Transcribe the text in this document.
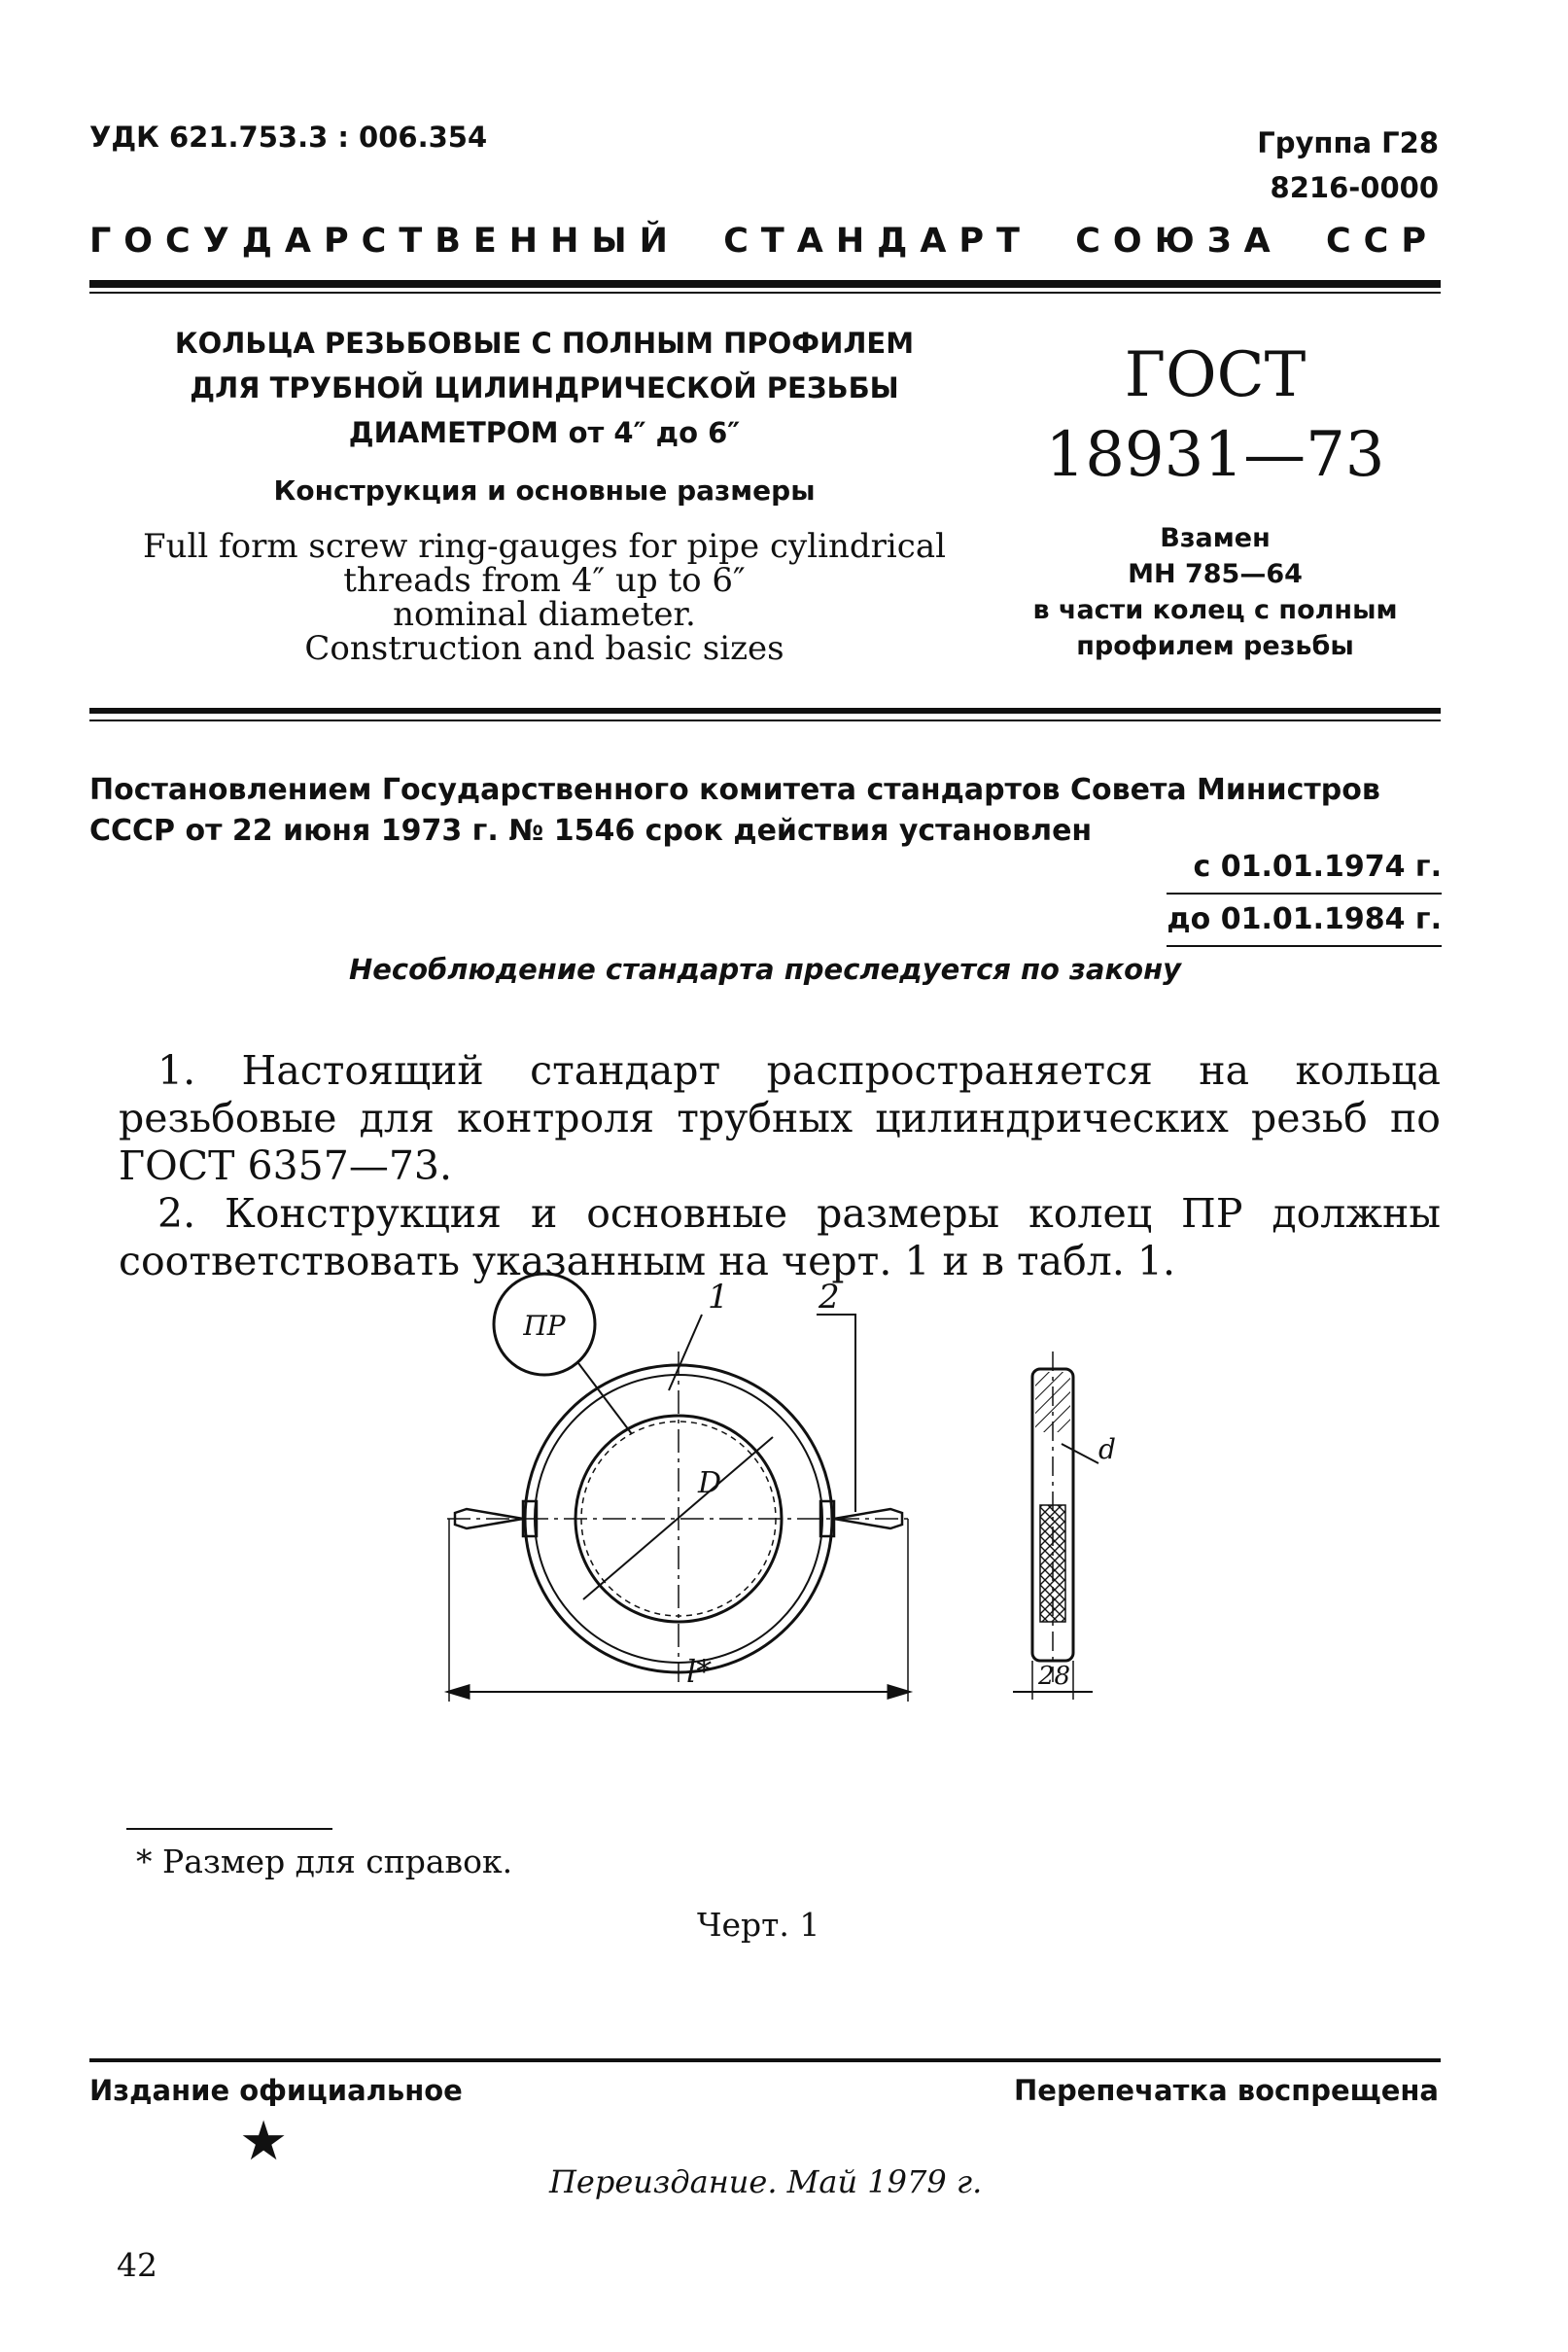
УДК 621.753.3 : 006.354	Группа Г28
8216-0000
ГОСУДАРСТВЕННЫЙ СТАНДАРТ СОЮЗА ССР
КОЛЬЦА РЕЗЬБОВЫЕ С ПОЛНЫМ ПРОФИЛЕМ
ДЛЯ ТРУБНОЙ ЦИЛИНДРИЧЕСКОЙ РЕЗЬБЫ
ДИАМЕТРОМ от 4″ до 6″
Конструкция и основные размеры
Full form screw ring-gauges for pipe cylindrical
threads from 4″ up to 6″
nominal diameter.
Construction and basic sizes
ГОСТ
18931—73
Взамен
МН 785—64
в части колец с полным
профилем резьбы
Постановлением Государственного комитета стандартов Совета Министров СССР от 22 июня 1973 г. № 1546 срок действия установлен
с 01.01.1974 г.
до 01.01.1984 г.
Несоблюдение стандарта преследуется по закону

1. Настоящий стандарт распространяется на кольца резьбовые для контроля трубных цилиндрических резьб по ГОСТ 6357—73.

2. Конструкция и основные размеры колец ПР должны соответствовать указанным на черт. 1 и в табл. 1.

ПР
1	2
D
l*
d
28
* Размер для справок.
Черт. 1
Издание официальное	Перепечатка воспрещена
★
Переиздание. Май 1979 г.
42
